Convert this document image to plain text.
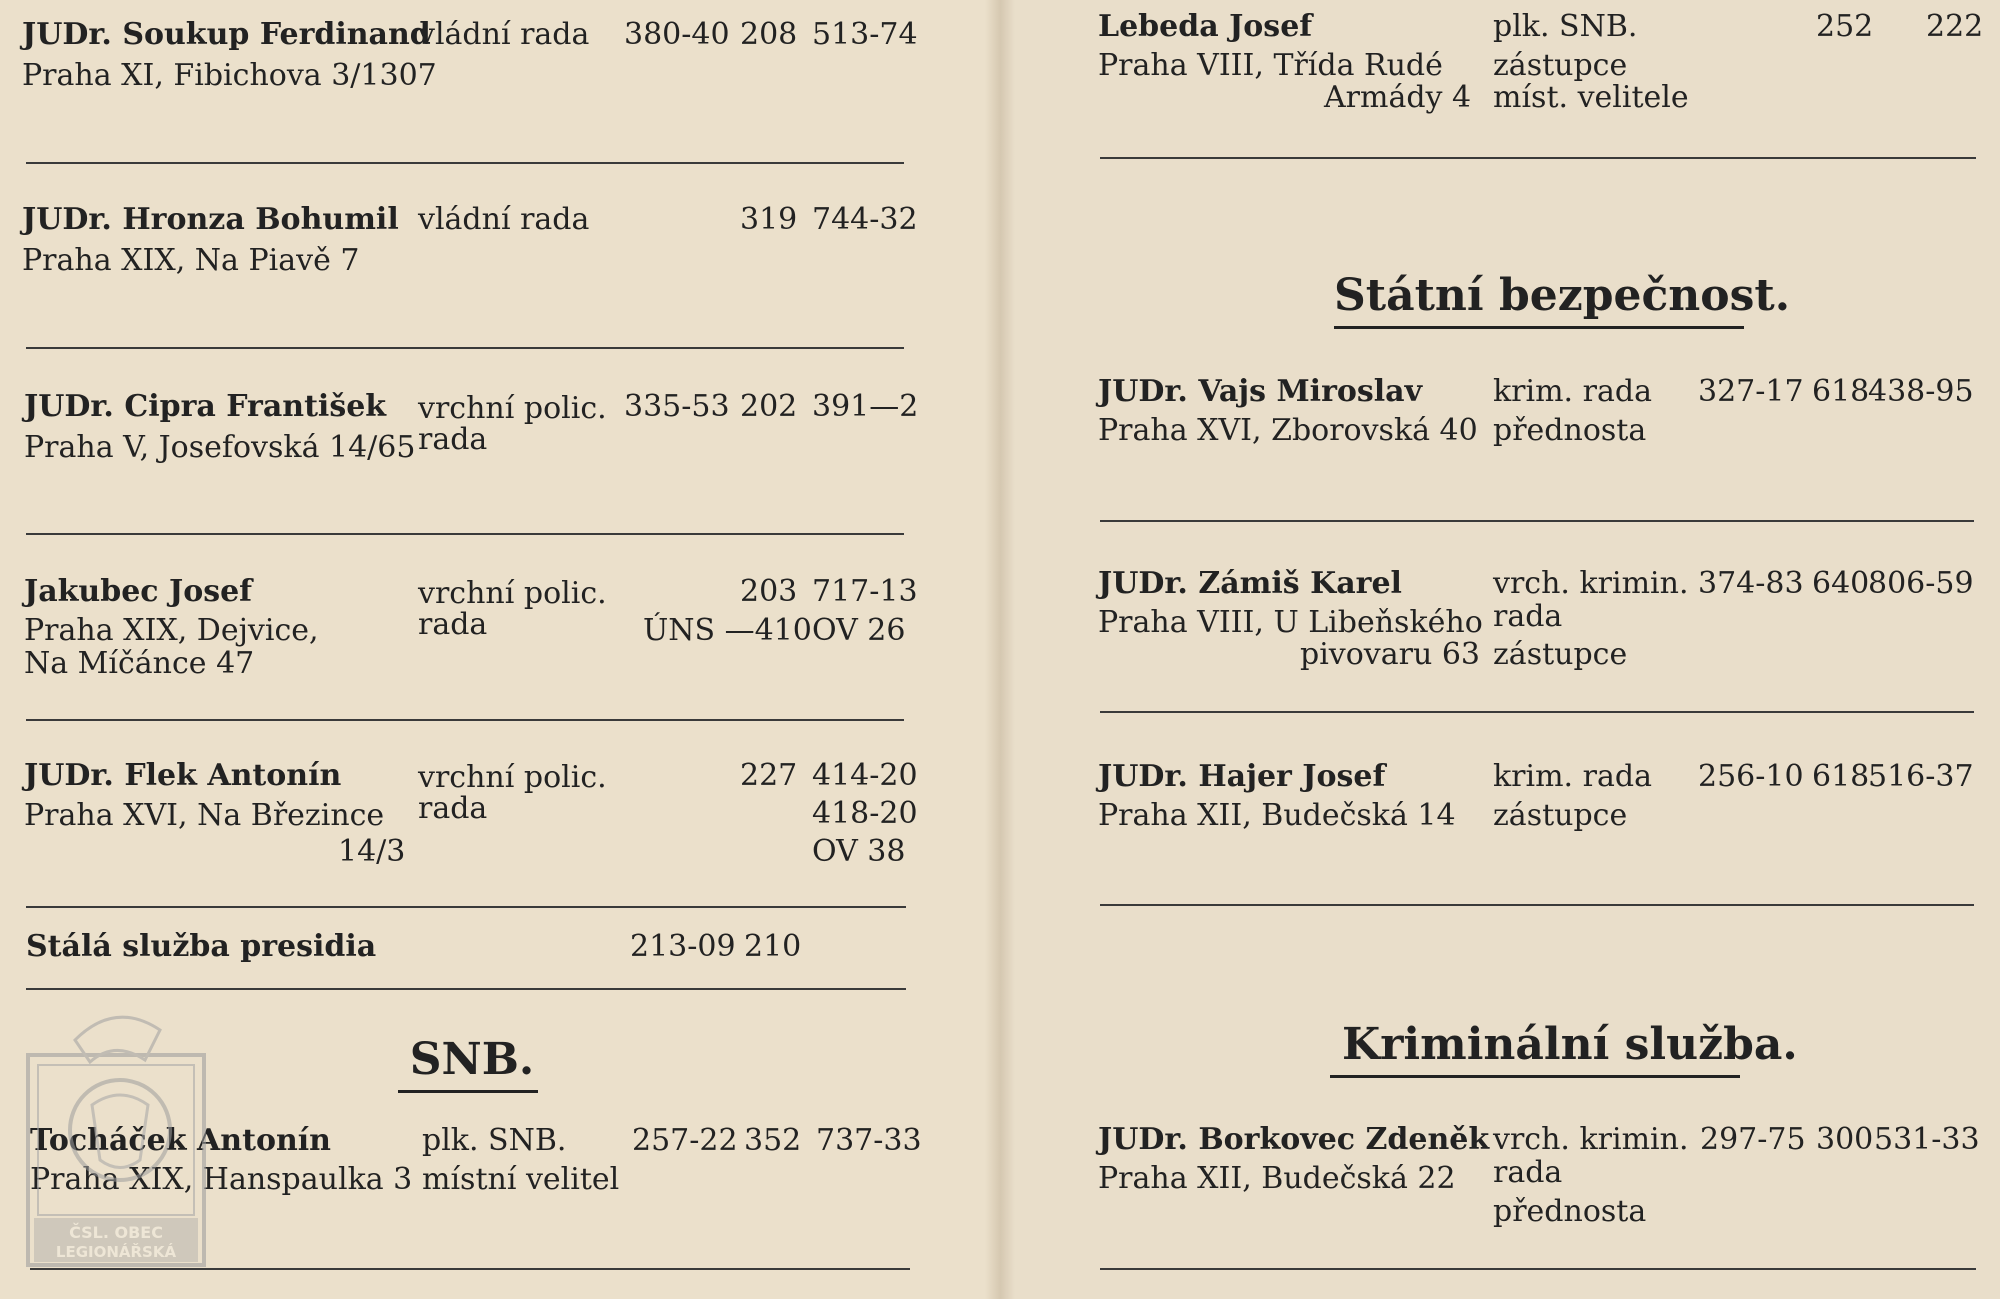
JUDr. Soukup Ferdinand
Praha XI, Fibichova 3/1307
vládní rada 380-40 208 513-74
JUDr. Hronza Bohumil
Praha XIX, Na Piavě 7
vládní rada	319 744-32
JUDr. Cipra František
Praha V, Josefovská 14/65
vrchní polic.
rada
335-53 202 391—2
Jakubec Josef
Praha XIX, Dejvice,
Na Míčánce 47
vrchní polic.
rada
203 717-13
ÚNS —410 OV 26
JUDr. Flek Antonín
Praha XVI, Na Březince
14/3
vrchní polic.
rada
227 414-20
418-20
OV 38
Stálá služba presidia	213-09 210
SNB.
Tocháček Antonín
Praha XIX, Hanspaulka 3
plk. SNB.
místní velitel
257-22 352 737-33
ČSL. OBEC
LEGIONÁŘSKÁ
Lebeda Josef
Praha VIII, Třída Rudé
Armády 4
plk. SNB.
zástupce
míst. velitele
252 222
Státní bezpečnost.
JUDr. Vajs Miroslav
Praha XVI, Zborovská 40
krim. rada
přednosta
327-17 618
438-95
JUDr. Zámiš Karel
Praha VIII, U Libeňského
pivovaru 63
vrch. krimin.
rada
zástupce
374-83 640
806-59
JUDr. Hajer Josef
Praha XII, Budečská 14
krim. rada
zástupce
256-10 618
516-37
Kriminální služba.
JUDr. Borkovec Zdeněk
Praha XII, Budečská 22
vrch. krimin.
rada
přednosta
297-75 300 531-33
